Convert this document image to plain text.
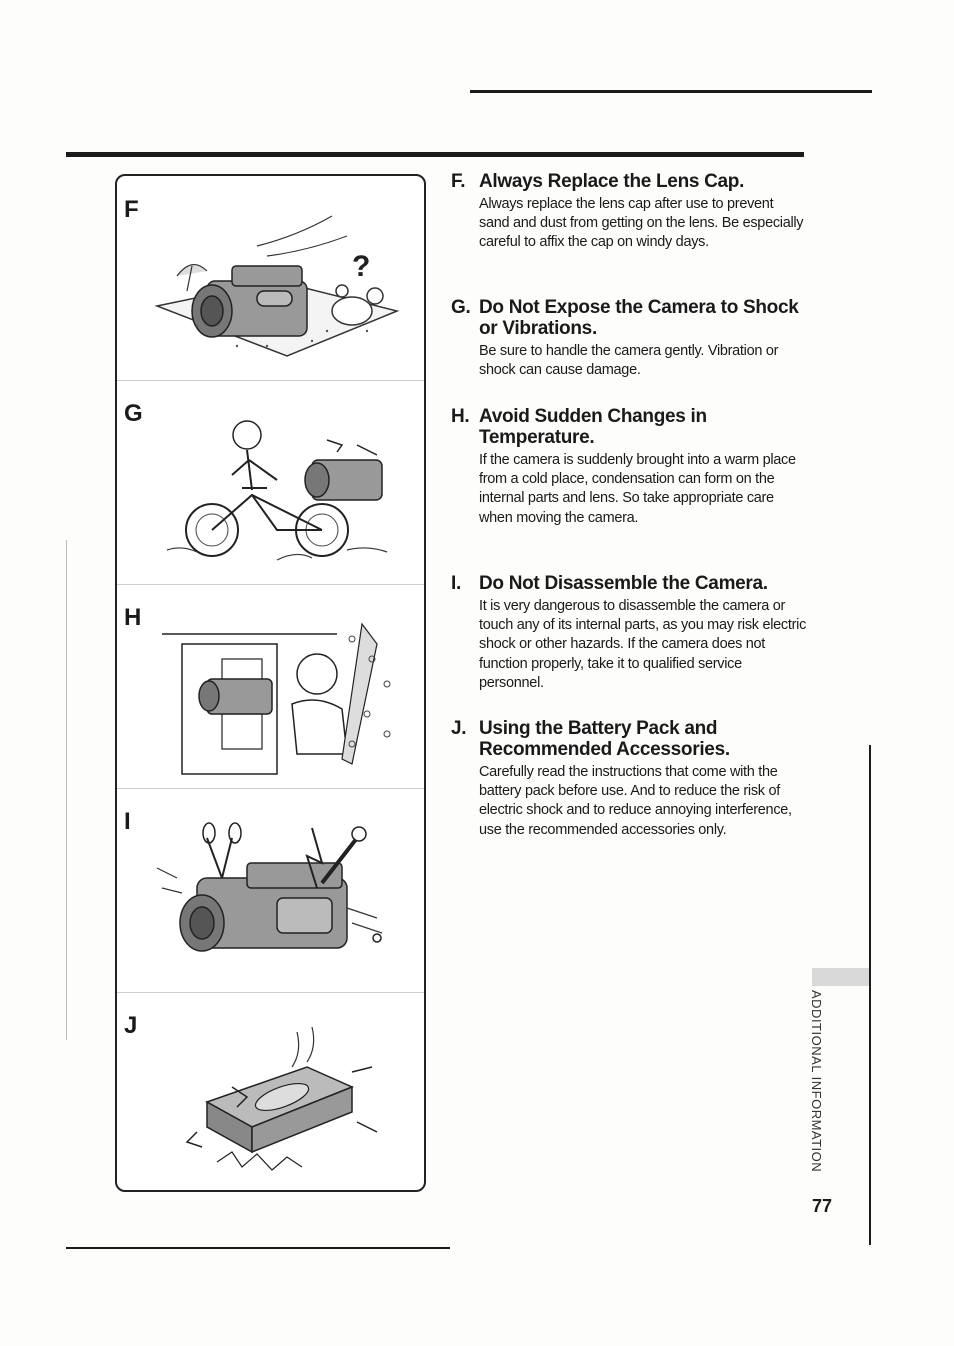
F
?
G
H
I
J
F. Always Replace the Lens Cap.

Always replace the lens cap after use to prevent sand and dust from getting on the lens. Be especially careful to affix the cap on windy days.

G. Do Not Expose the Camera to Shock or Vibrations.

Be sure to handle the camera gently. Vibration or shock can cause damage.

H. Avoid Sudden Changes in Temperature.

If the camera is suddenly brought into a warm place from a cold place, condensation can form on the internal parts and lens. So take appropriate care when moving the camera.

I. Do Not Disassemble the Camera.

It is very dangerous to disassemble the camera or touch any of its internal parts, as you may risk electric shock or other hazards. If the camera does not function properly, take it to qualified service personnel.

J. Using the Battery Pack and Recommended Accessories.

Carefully read the instructions that come with the battery pack before use. And to reduce the risk of electric shock and to reduce annoying interference, use the recommended accessories only.

ADDITIONAL INFORMATION
77
